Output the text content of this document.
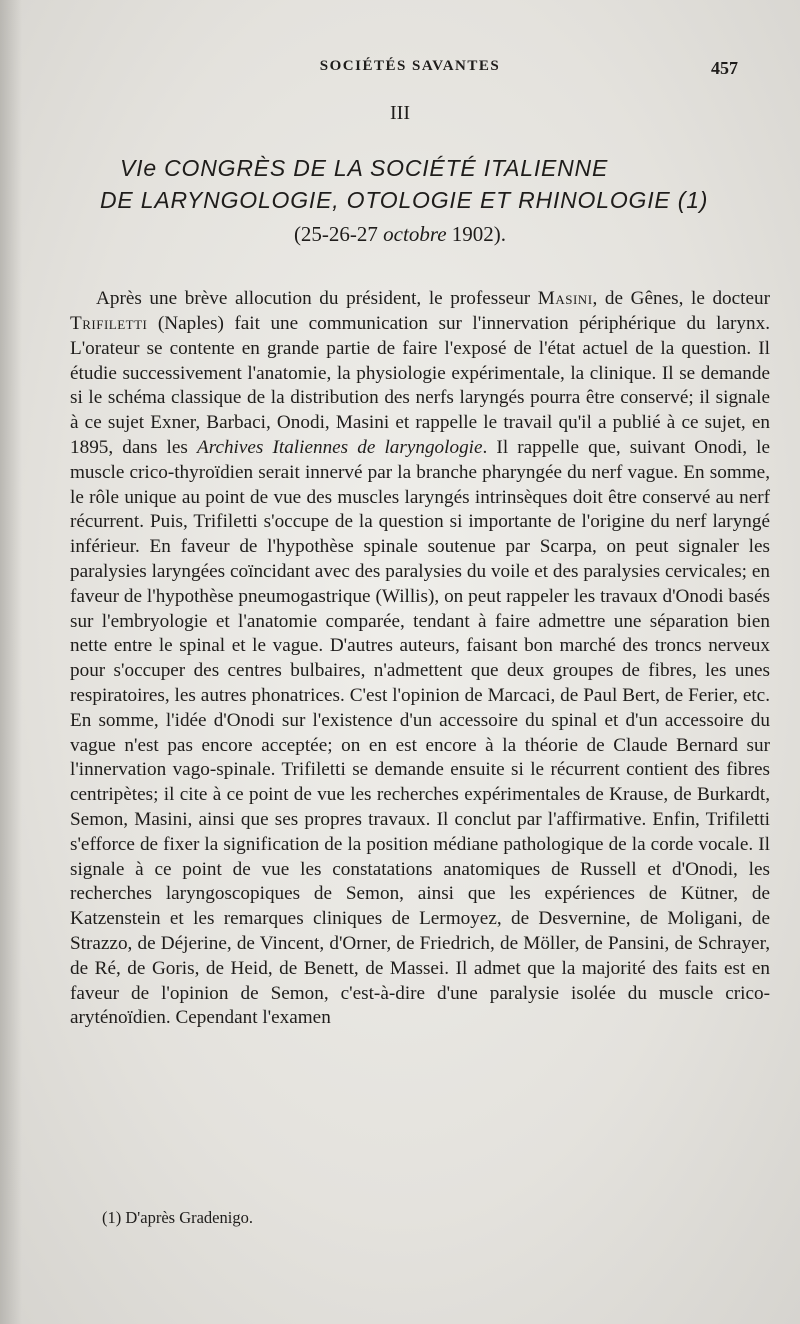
SOCIÉTÉS SAVANTES	457
III
VIe CONGRÈS DE LA SOCIÉTÉ ITALIENNE
DE LARYNGOLOGIE, OTOLOGIE ET RHINOLOGIE (1)
(25-26-27 octobre 1902).

Après une brève allocution du président, le professeur Masini, de Gênes, le docteur Trifiletti (Naples) fait une communication sur l'innervation périphérique du larynx. L'orateur se contente en grande partie de faire l'exposé de l'état actuel de la question. Il étudie successivement l'anatomie, la physiologie expérimentale, la clinique. Il se demande si le schéma classique de la distribution des nerfs laryngés pourra être conservé; il signale à ce sujet Exner, Barbaci, Onodi, Masini et rappelle le travail qu'il a publié à ce sujet, en 1895, dans les Archives Italiennes de laryngologie. Il rappelle que, suivant Onodi, le muscle crico-thyroïdien serait innervé par la branche pharyngée du nerf vague. En somme, le rôle unique au point de vue des muscles laryngés intrinsèques doit être conservé au nerf récurrent. Puis, Trifiletti s'occupe de la question si importante de l'origine du nerf laryngé inférieur. En faveur de l'hypothèse spinale soutenue par Scarpa, on peut signaler les paralysies laryngées coïncidant avec des paralysies du voile et des paralysies cervicales; en faveur de l'hypothèse pneumogastrique (Willis), on peut rappeler les travaux d'Onodi basés sur l'embryologie et l'anatomie comparée, tendant à faire admettre une séparation bien nette entre le spinal et le vague. D'autres auteurs, faisant bon marché des troncs nerveux pour s'occuper des centres bulbaires, n'admettent que deux groupes de fibres, les unes respiratoires, les autres phonatrices. C'est l'opinion de Marcaci, de Paul Bert, de Ferier, etc. En somme, l'idée d'Onodi sur l'existence d'un accessoire du spinal et d'un accessoire du vague n'est pas encore acceptée; on en est encore à la théorie de Claude Bernard sur l'innervation vago-spinale. Trifiletti se demande ensuite si le récurrent contient des fibres centripètes; il cite à ce point de vue les recherches expérimentales de Krause, de Burkardt, Semon, Masini, ainsi que ses propres travaux. Il conclut par l'affirmative. Enfin, Trifiletti s'efforce de fixer la signification de la position médiane pathologique de la corde vocale. Il signale à ce point de vue les constatations anatomiques de Russell et d'Onodi, les recherches laryngoscopiques de Semon, ainsi que les expériences de Kütner, de Katzenstein et les remarques cliniques de Lermoyez, de Desvernine, de Moligani, de Strazzo, de Déjerine, de Vincent, d'Orner, de Friedrich, de Möller, de Pansini, de Schrayer, de Ré, de Goris, de Heid, de Benett, de Massei. Il admet que la majorité des faits est en faveur de l'opinion de Semon, c'est-à-dire d'une paralysie isolée du muscle crico-aryténoïdien. Cependant l'examen

(1) D'après Gradenigo.
